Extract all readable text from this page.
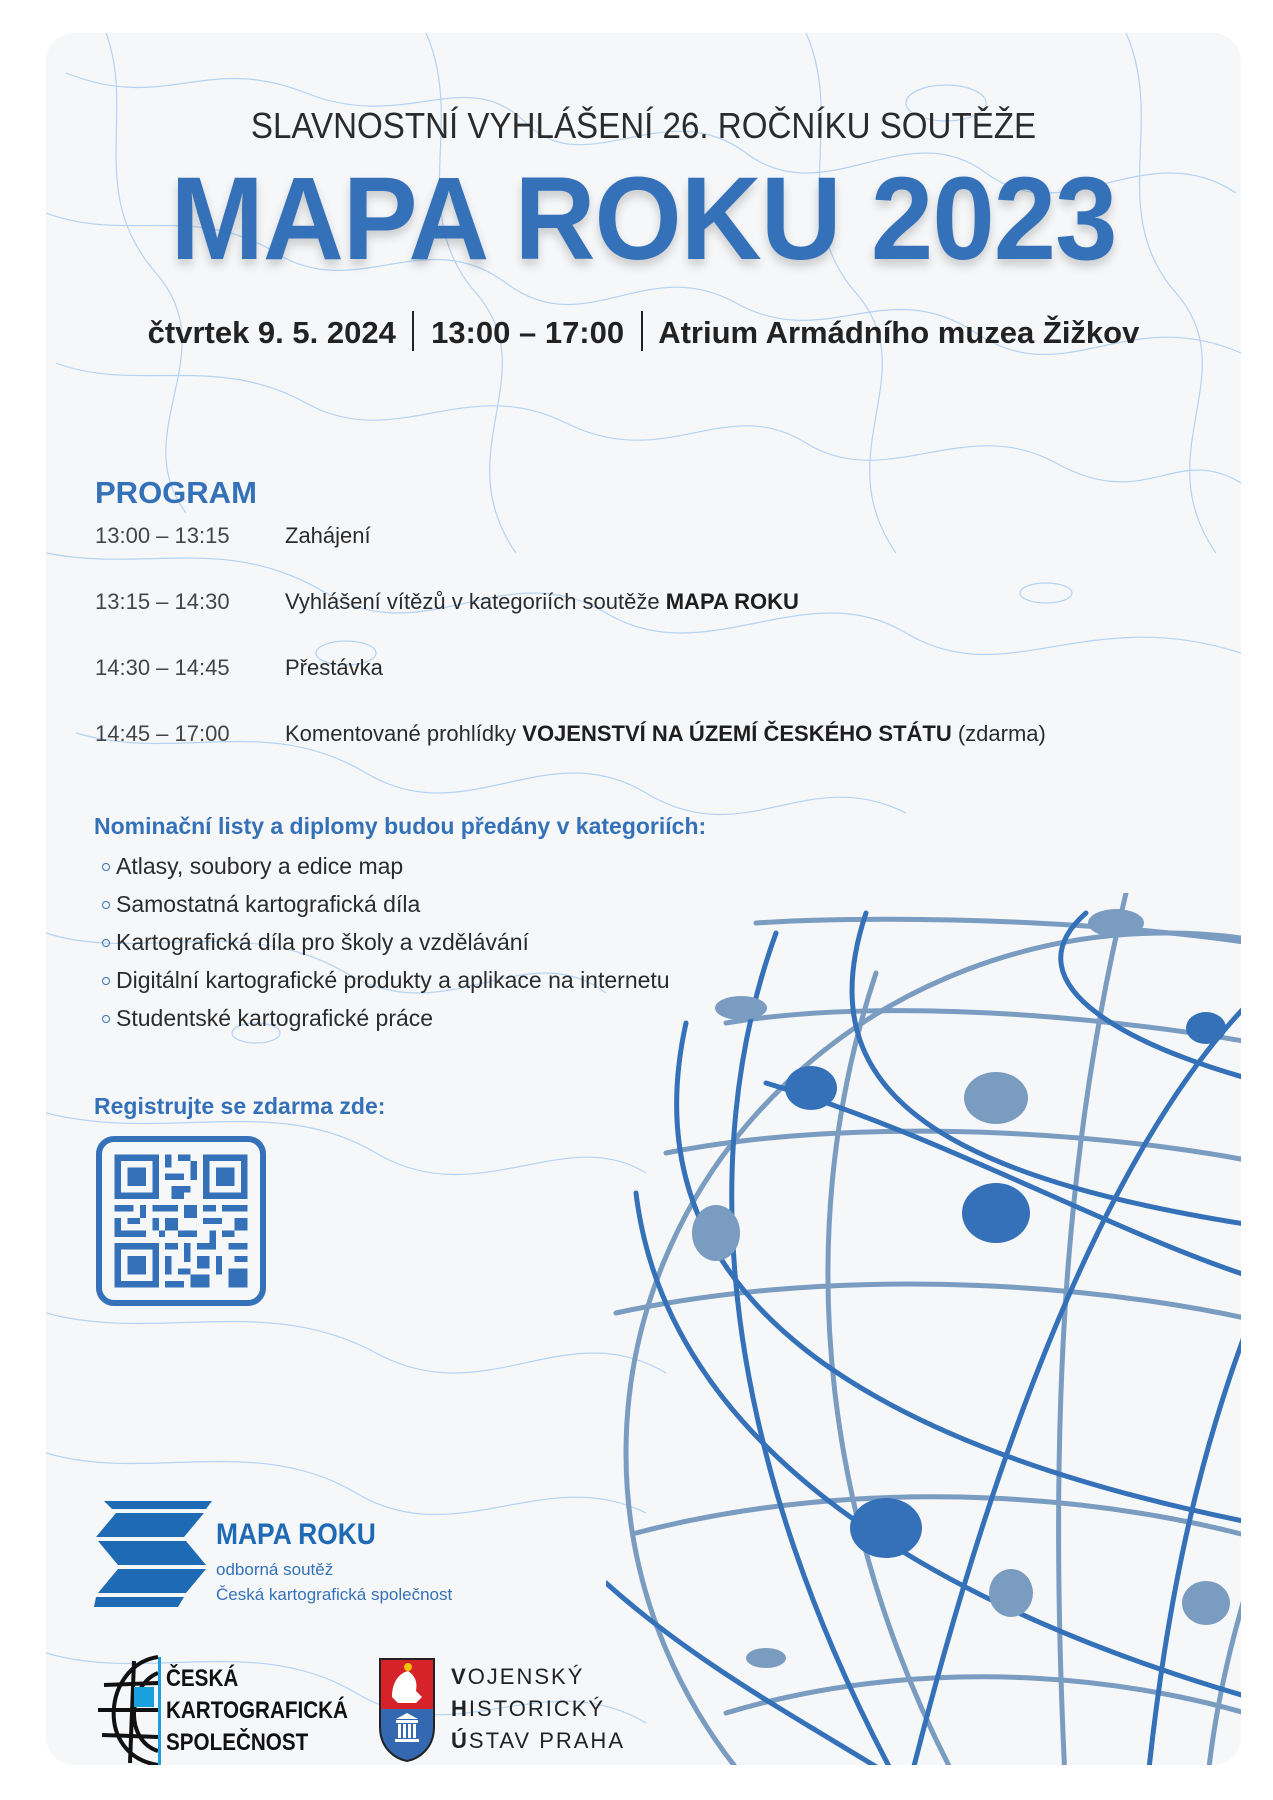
SLAVNOSTNÍ VYHLÁŠENÍ 26. ROČNÍKU SOUTĚŽE
MAPA ROKU 2023
čtvrtek 9. 5. 2024 13:00 – 17:00 Atrium Armádního muzea Žižkov
PROGRAM
13:00 – 13:15	Zahájení
13:15 – 14:30	Vyhlášení vítězů v kategoriích soutěže MAPA ROKU
14:30 – 14:45	Přestávka
14:45 – 17:00	Komentované prohlídky VOJENSTVÍ NA ÚZEMÍ ČESKÉHO STÁTU (zdarma)
Nominační listy a diplomy budou předány v kategoriích:
Atlasy, soubory a edice map
Samostatná kartografická díla
Kartografická díla pro školy a vzdělávání
Digitální kartografické produkty a aplikace na internetu
Studentské kartografické práce
Registrujte se zdarma zde:
MAPA ROKU
odborná soutěž
Česká kartografická společnost
ČESKÁ
KARTOGRAFICKÁ
SPOLEČNOST
VOJENSKÝ
HISTORICKÝ
ÚSTAV PRAHA
